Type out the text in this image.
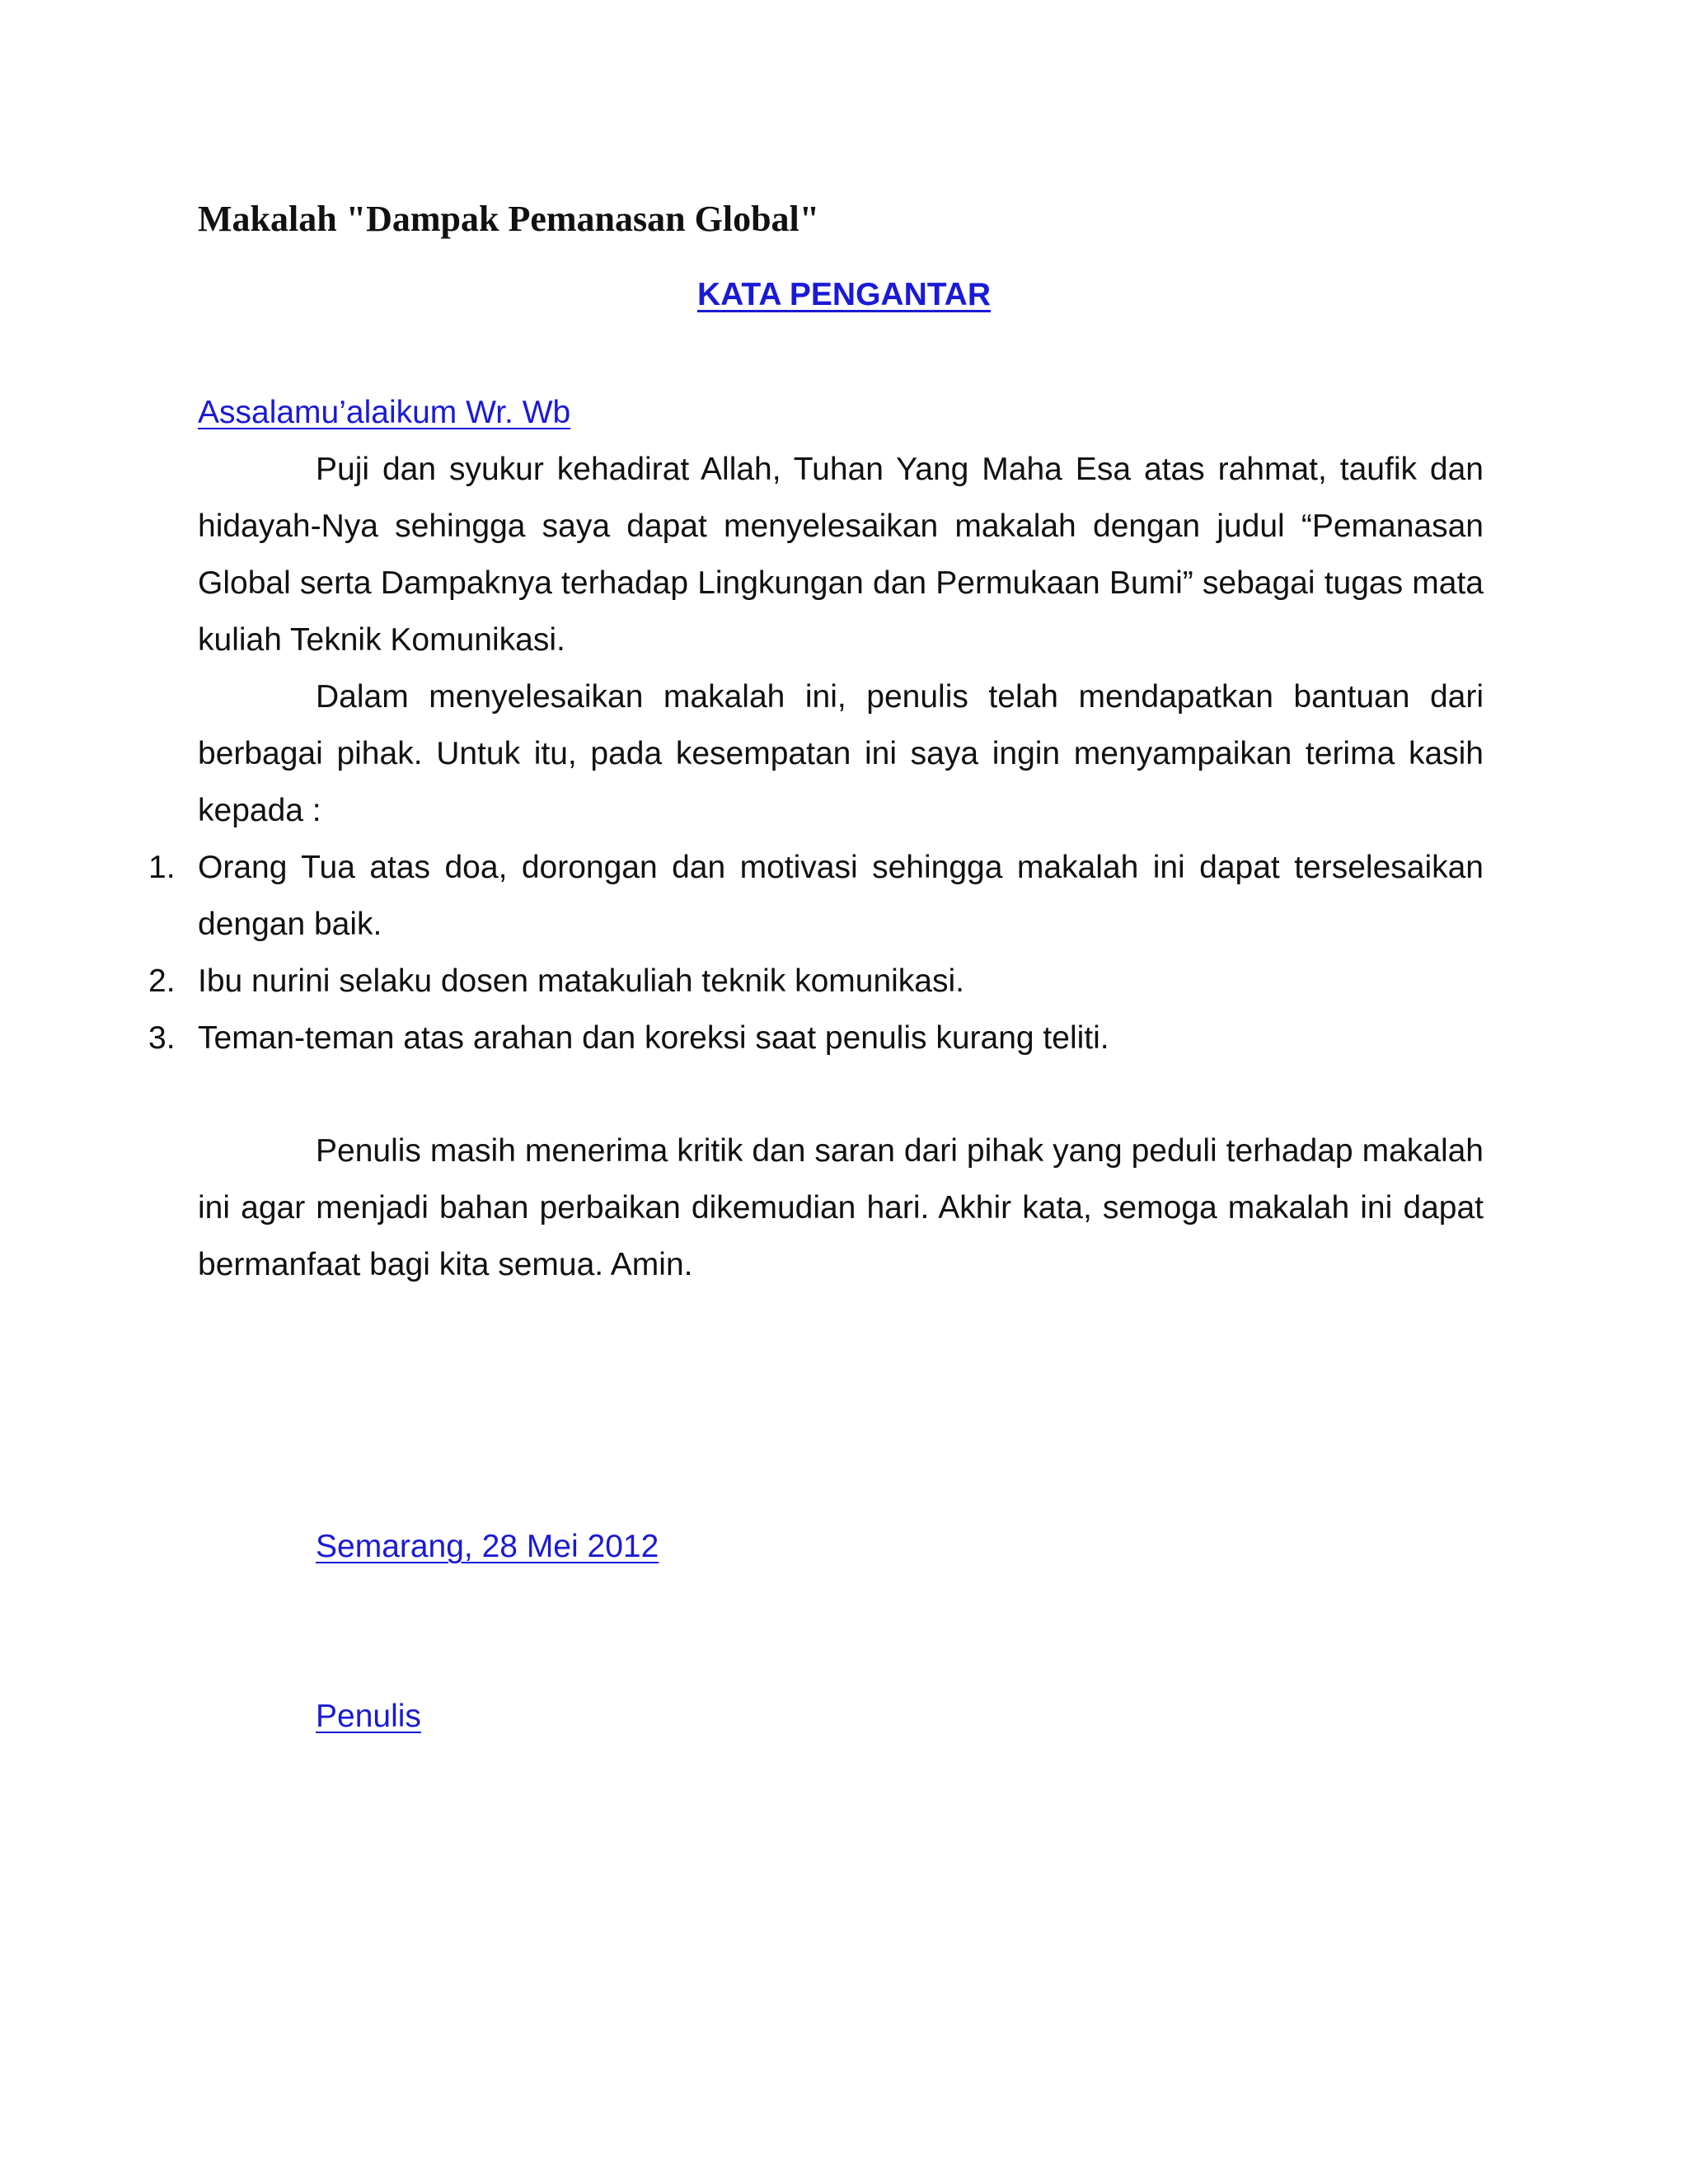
Makalah "Dampak Pemanasan Global"
KATA PENGANTAR
Assalamu’alaikum Wr. Wb

Puji dan syukur kehadirat Allah, Tuhan Yang Maha Esa atas rahmat, taufik dan hidayah-Nya sehingga saya dapat menyelesaikan makalah dengan judul “Pemanasan Global serta Dampaknya terhadap Lingkungan dan Permukaan Bumi” sebagai tugas mata kuliah Teknik Komunikasi.

Dalam menyelesaikan makalah ini, penulis telah mendapatkan bantuan dari berbagai pihak. Untuk itu, pada kesempatan ini saya ingin menyampaikan terima kasih kepada :

1. Orang Tua atas doa, dorongan dan motivasi sehingga makalah ini dapat terselesaikan dengan baik.
2. Ibu nurini selaku dosen matakuliah teknik komunikasi.
3. Teman-teman atas arahan dan koreksi saat penulis kurang teliti.

Penulis masih menerima kritik dan saran dari pihak yang peduli terhadap makalah ini agar menjadi bahan perbaikan dikemudian hari. Akhir kata, semoga makalah ini dapat bermanfaat bagi kita semua. Amin.

Semarang, 28 Mei 2012
Penulis
